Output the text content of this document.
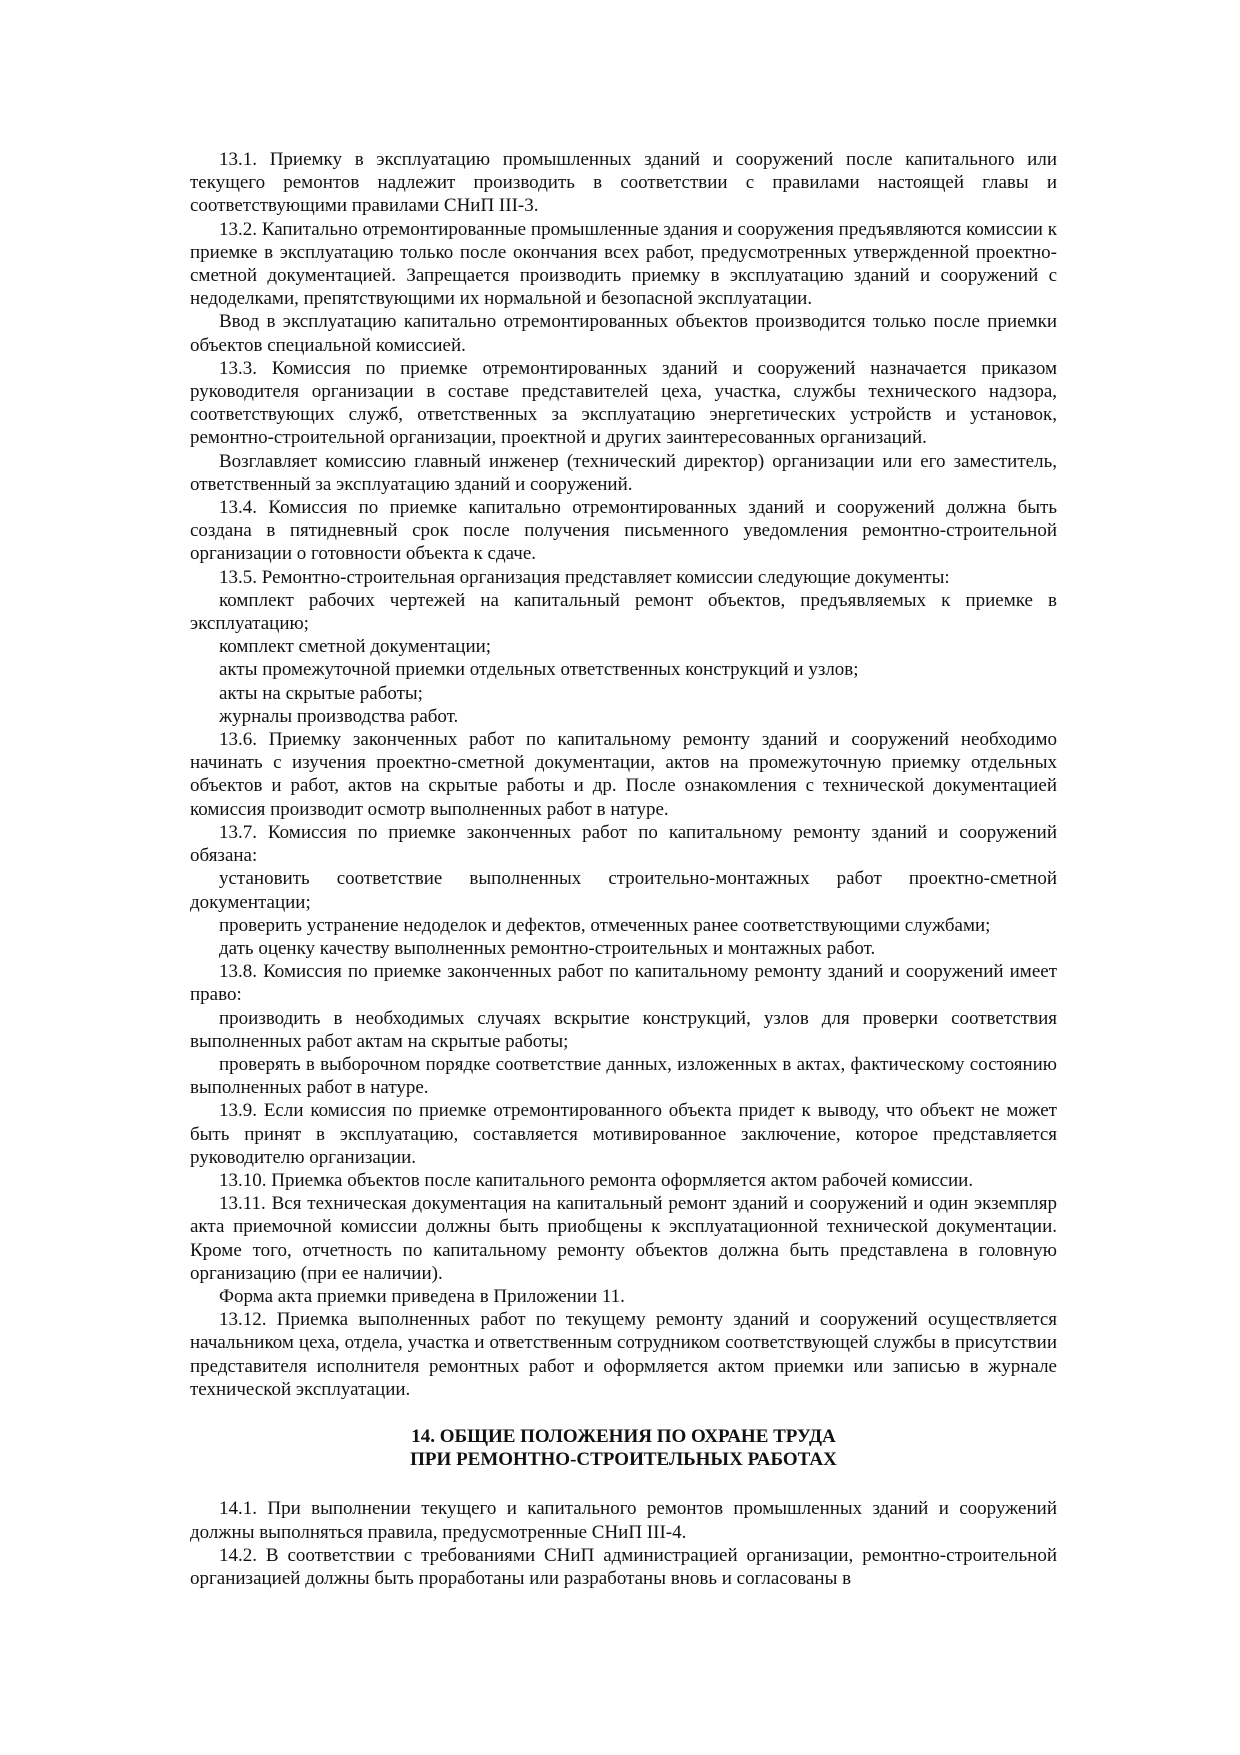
13.1. Приемку в эксплуатацию промышленных зданий и сооружений после капитального или текущего ремонтов надлежит производить в соответствии с правилами настоящей главы и соответствующими правилами СНиП III-3.

13.2. Капитально отремонтированные промышленные здания и сооружения предъявляются комиссии к приемке в эксплуатацию только после окончания всех работ, предусмотренных утвержденной проектно-сметной документацией. Запрещается производить приемку в эксплуатацию зданий и сооружений с недоделками, препятствующими их нормальной и безопасной эксплуатации.

Ввод в эксплуатацию капитально отремонтированных объектов производится только после приемки объектов специальной комиссией.

13.3. Комиссия по приемке отремонтированных зданий и сооружений назначается приказом руководителя организации в составе представителей цеха, участка, службы технического надзора, соответствующих служб, ответственных за эксплуатацию энергетических устройств и установок, ремонтно-строительной организации, проектной и других заинтересованных организаций.

Возглавляет комиссию главный инженер (технический директор) организации или его заместитель, ответственный за эксплуатацию зданий и сооружений.

13.4. Комиссия по приемке капитально отремонтированных зданий и сооружений должна быть создана в пятидневный срок после получения письменного уведомления ремонтно-строительной организации о готовности объекта к сдаче.

13.5. Ремонтно-строительная организация представляет комиссии следующие документы:

комплект рабочих чертежей на капитальный ремонт объектов, предъявляемых к приемке в эксплуатацию;

комплект сметной документации;

акты промежуточной приемки отдельных ответственных конструкций и узлов;

акты на скрытые работы;

журналы производства работ.

13.6. Приемку законченных работ по капитальному ремонту зданий и сооружений необходимо начинать с изучения проектно-сметной документации, актов на промежуточную приемку отдельных объектов и работ, актов на скрытые работы и др. После ознакомления с технической документацией комиссия производит осмотр выполненных работ в натуре.

13.7. Комиссия по приемке законченных работ по капитальному ремонту зданий и сооружений обязана:

установить соответствие выполненных строительно-монтажных работ проектно-сметной документации;

проверить устранение недоделок и дефектов, отмеченных ранее соответствующими службами;

дать оценку качеству выполненных ремонтно-строительных и монтажных работ.

13.8. Комиссия по приемке законченных работ по капитальному ремонту зданий и сооружений имеет право:

производить в необходимых случаях вскрытие конструкций, узлов для проверки соответствия выполненных работ актам на скрытые работы;

проверять в выборочном порядке соответствие данных, изложенных в актах, фактическому состоянию выполненных работ в натуре.

13.9. Если комиссия по приемке отремонтированного объекта придет к выводу, что объект не может быть принят в эксплуатацию, составляется мотивированное заключение, которое представляется руководителю организации.

13.10. Приемка объектов после капитального ремонта оформляется актом рабочей комиссии.

13.11. Вся техническая документация на капитальный ремонт зданий и сооружений и один экземпляр акта приемочной комиссии должны быть приобщены к эксплуатационной технической документации. Кроме того, отчетность по капитальному ремонту объектов должна быть представлена в головную организацию (при ее наличии).

Форма акта приемки приведена в Приложении 11.

13.12. Приемка выполненных работ по текущему ремонту зданий и сооружений осуществляется начальником цеха, отдела, участка и ответственным сотрудником соответствующей службы в присутствии представителя исполнителя ремонтных работ и оформляется актом приемки или записью в журнале технической эксплуатации.

14. ОБЩИЕ ПОЛОЖЕНИЯ ПО ОХРАНЕ ТРУДА
ПРИ РЕМОНТНО-СТРОИТЕЛЬНЫХ РАБОТАХ

14.1. При выполнении текущего и капитального ремонтов промышленных зданий и сооружений должны выполняться правила, предусмотренные СНиП III-4.

14.2. В соответствии с требованиями СНиП администрацией организации, ремонтно-строительной организацией должны быть проработаны или разработаны вновь и согласованы в
